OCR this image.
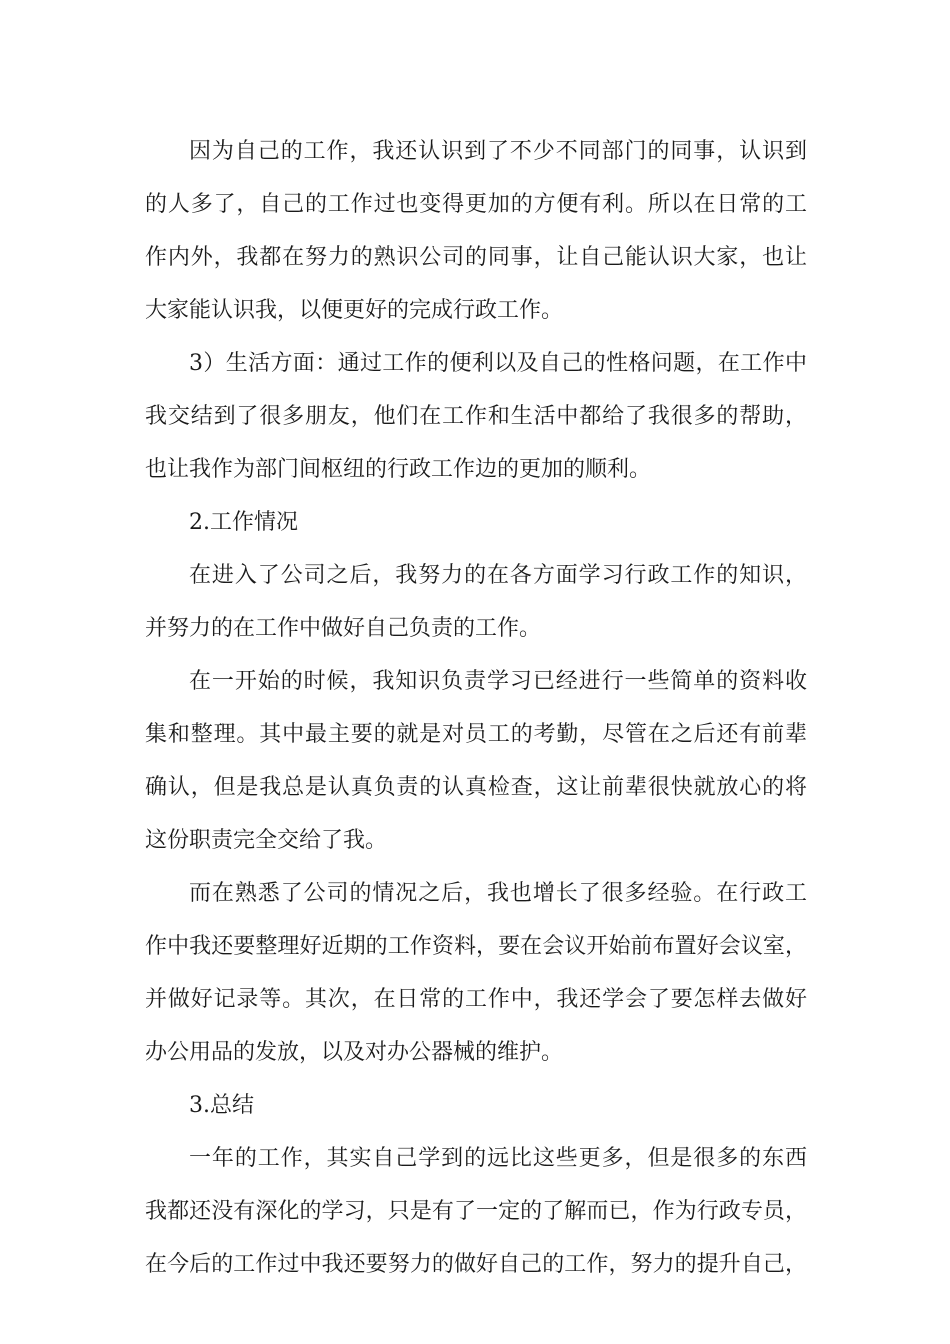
因为自己的工作，我还认识到了不少不同部门的同事，认识到
的人多了，自己的工作过也变得更加的方便有利。所以在日常的工
作内外，我都在努力的熟识公司的同事，让自己能认识大家，也让
大家能认识我，以便更好的完成行政工作。
3）生活方面：通过工作的便利以及自己的性格问题，在工作中
我交结到了很多朋友，他们在工作和生活中都给了我很多的帮助，
也让我作为部门间枢纽的行政工作边的更加的顺利。
2.工作情况
在进入了公司之后，我努力的在各方面学习行政工作的知识，
并努力的在工作中做好自己负责的工作。
在一开始的时候，我知识负责学习已经进行一些简单的资料收
集和整理。其中最主要的就是对员工的考勤，尽管在之后还有前辈
确认，但是我总是认真负责的认真检查，这让前辈很快就放心的将
这份职责完全交给了我。
而在熟悉了公司的情况之后，我也增长了很多经验。在行政工
作中我还要整理好近期的工作资料，要在会议开始前布置好会议室，
并做好记录等。其次，在日常的工作中，我还学会了要怎样去做好
办公用品的发放，以及对办公器械的维护。
3.总结
一年的工作，其实自己学到的远比这些更多，但是很多的东西
我都还没有深化的学习，只是有了一定的了解而已，作为行政专员，
在今后的工作过中我还要努力的做好自己的工作，努力的提升自己，
